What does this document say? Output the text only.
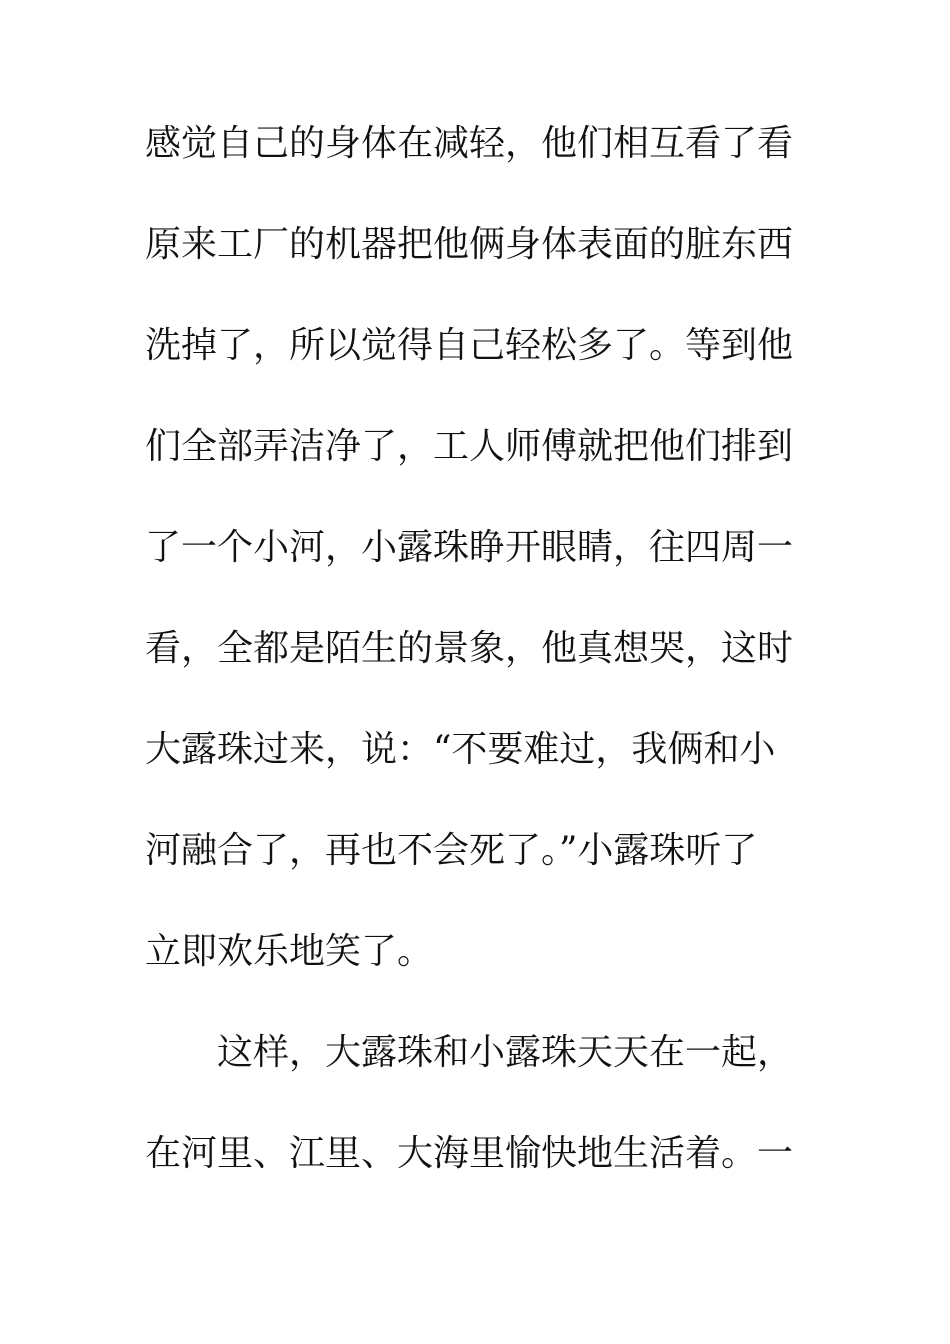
感觉自己的身体在减轻，他们相互看了看
原来工厂的机器把他俩身体表面的脏东西
洗掉了，所以觉得自己轻松多了。等到他
们全部弄洁净了，工人师傅就把他们排到
了一个小河，小露珠睁开眼睛，往四周一
看，全都是陌生的景象，他真想哭，这时
大露珠过来，说：“不要难过，我俩和小
河融合了，再也不会死了。”小露珠听了
立即欢乐地笑了。
这样，大露珠和小露珠天天在一起，
在河里、江里、大海里愉快地生活着。一
